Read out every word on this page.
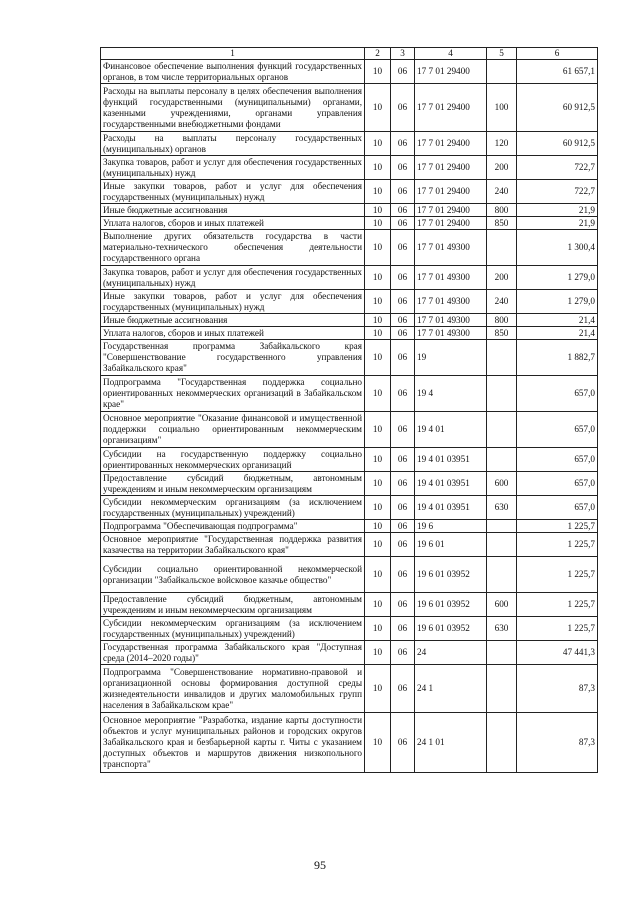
1	2	3	4	5	6
Финансовое обеспечение выполнения функций государственных органов, в том числе территориальных органов	10	06	17 7 01 29400		61 657,1
Расходы на выплаты персоналу в целях обеспечения выполнения функций государственными (муниципальными) органами, казенными учреждениями, органами управления государственными внебюджетными фондами	10	06	17 7 01 29400	100	60 912,5
Расходы на выплаты персоналу государственных (муниципальных) органов	10	06	17 7 01 29400	120	60 912,5
Закупка товаров, работ и услуг для обеспечения государственных (муниципальных) нужд	10	06	17 7 01 29400	200	722,7
Иные закупки товаров, работ и услуг для обеспечения государственных (муниципальных) нужд	10	06	17 7 01 29400	240	722,7
Иные бюджетные ассигнования	10	06	17 7 01 29400	800	21,9
Уплата налогов, сборов и иных платежей	10	06	17 7 01 29400	850	21,9
Выполнение других обязательств государства в части материально-технического обеспечения деятельности государственного органа	10	06	17 7 01 49300		1 300,4
Закупка товаров, работ и услуг для обеспечения государственных (муниципальных) нужд	10	06	17 7 01 49300	200	1 279,0
Иные закупки товаров, работ и услуг для обеспечения государственных (муниципальных) нужд	10	06	17 7 01 49300	240	1 279,0
Иные бюджетные ассигнования	10	06	17 7 01 49300	800	21,4
Уплата налогов, сборов и иных платежей	10	06	17 7 01 49300	850	21,4
Государственная программа Забайкальского края "Совершенствование государственного управления Забайкальского края"	10	06	19		1 882,7
Подпрограмма "Государственная поддержка социально ориентированных некоммерческих организаций в Забайкальском крае"	10	06	19 4		657,0
Основное мероприятие "Оказание финансовой и имущественной поддержки социально ориентированным некоммерческим организациям"	10	06	19 4 01		657,0
Субсидии на государственную поддержку социально ориентированных некоммерческих организаций	10	06	19 4 01 03951		657,0
Предоставление субсидий бюджетным, автономным учреждениям и иным некоммерческим организациям	10	06	19 4 01 03951	600	657,0
Субсидии некоммерческим организациям (за исключением государственных (муниципальных) учреждений)	10	06	19 4 01 03951	630	657,0
Подпрограмма "Обеспечивающая подпрограмма"	10	06	19 6		1 225,7
Основное мероприятие "Государственная поддержка развития казачества на территории Забайкальского края"	10	06	19 6 01		1 225,7
Субсидии социально ориентированной некоммерческой организации "Забайкальское войсковое казачье общество"	10	06	19 6 01 03952		1 225,7
Предоставление субсидий бюджетным, автономным учреждениям и иным некоммерческим организациям	10	06	19 6 01 03952	600	1 225,7
Субсидии некоммерческим организациям (за исключением государственных (муниципальных) учреждений)	10	06	19 6 01 03952	630	1 225,7
Государственная программа Забайкальского края "Доступная среда (2014–2020 годы)"	10	06	24		47 441,3
Подпрограмма "Совершенствование нормативно-правовой и организационной основы формирования доступной среды жизнедеятельности инвалидов и других маломобильных групп населения в Забайкальском крае"	10	06	24 1		87,3
Основное мероприятие "Разработка, издание карты доступности объектов и услуг муниципальных районов и городских округов Забайкальского края и безбарьерной карты г. Читы с указанием доступных объектов и маршрутов движения низкопольного транспорта"	10	06	24 1 01		87,3
95
